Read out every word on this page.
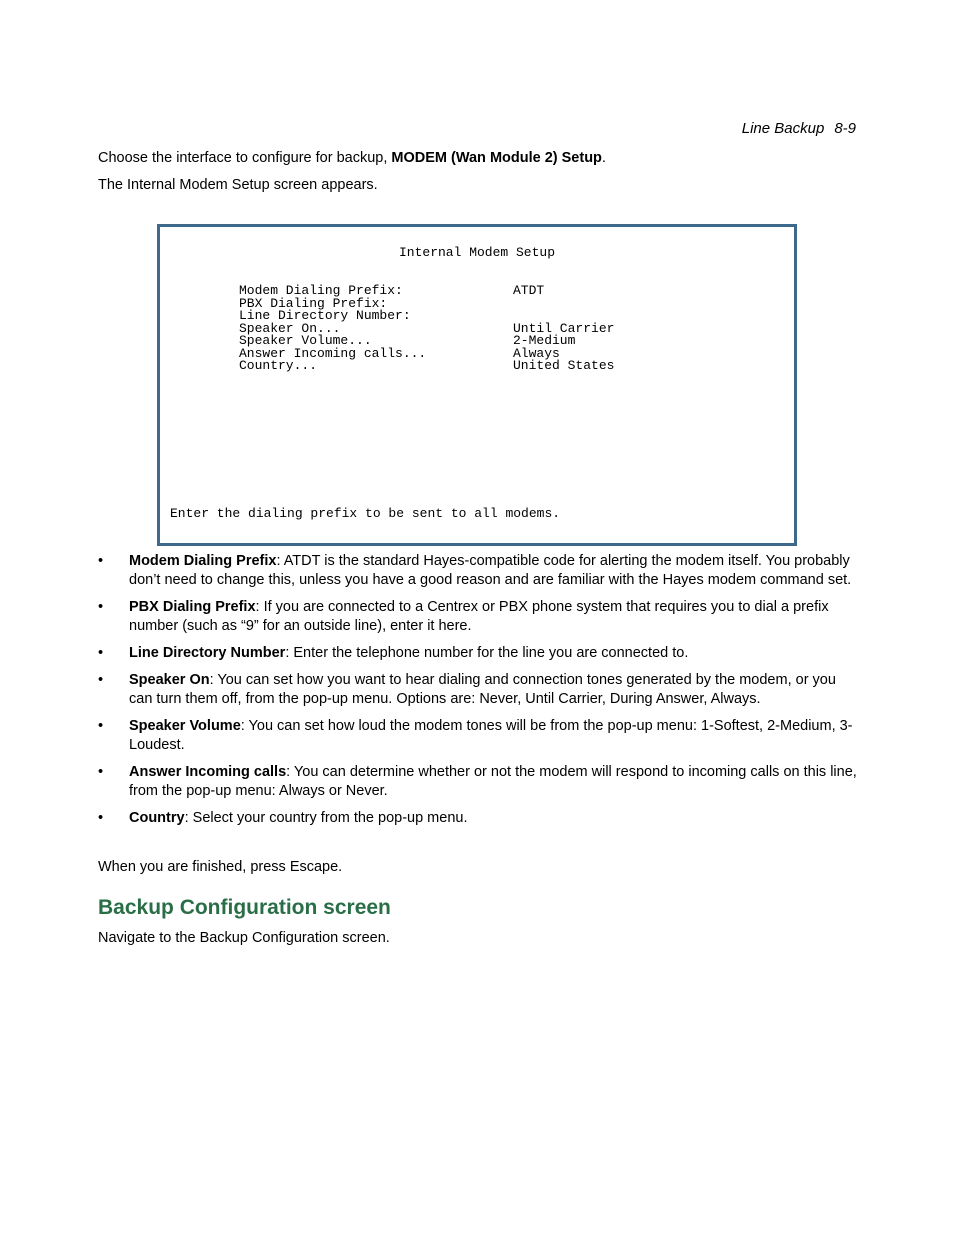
Line Backup 8-9
Choose the interface to configure for backup, MODEM (Wan Module 2) Setup.
The Internal Modem Setup screen appears.
Internal Modem Setup
Modem Dialing Prefix:	ATDT
PBX Dialing Prefix:
Line Directory Number:
Speaker On...	Until Carrier
Speaker Volume...	2-Medium
Answer Incoming calls...	Always
Country...	United States
Enter the dialing prefix to be sent to all modems.
• Modem Dialing Prefix: ATDT is the standard Hayes-compatible code for alerting the modem itself. You probably don’t need to change this, unless you have a good reason and are familiar with the Hayes modem command set.
• PBX Dialing Prefix: If you are connected to a Centrex or PBX phone system that requires you to dial a prefix number (such as “9” for an outside line), enter it here.
• Line Directory Number: Enter the telephone number for the line you are connected to.
• Speaker On: You can set how you want to hear dialing and connection tones generated by the modem, or you can turn them off, from the pop-up menu. Options are: Never, Until Carrier, During Answer, Always.
• Speaker Volume: You can set how loud the modem tones will be from the pop-up menu: 1-Softest, 2-Medium, 3-Loudest.
• Answer Incoming calls: You can determine whether or not the modem will respond to incoming calls on this line, from the pop-up menu: Always or Never.
• Country: Select your country from the pop-up menu.
When you are finished, press Escape.
Backup Configuration screen
Navigate to the Backup Configuration screen.
